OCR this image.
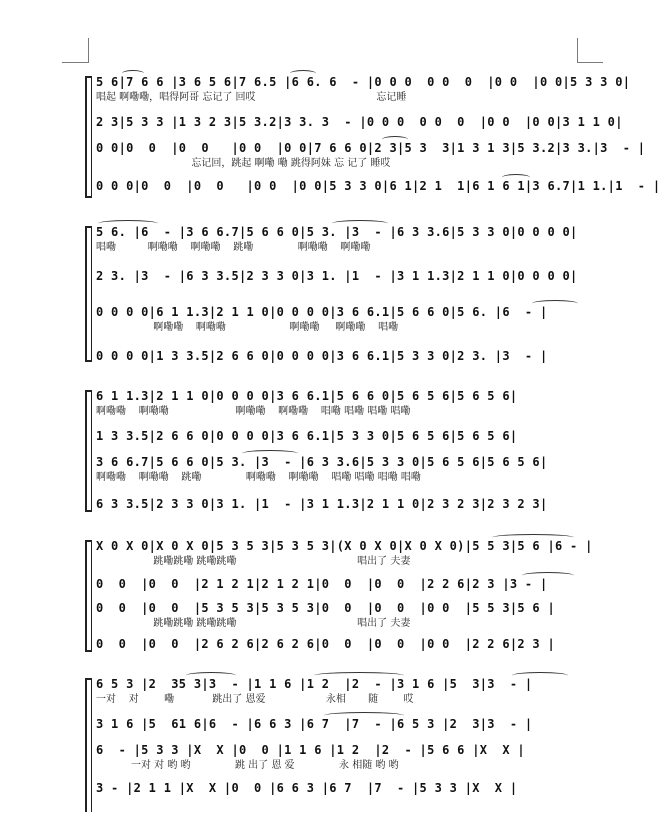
5 6|7 6 6 |3 6 5 6|7 6.5 |6 6. 6  - |0 0 0  0 0  0  |0 0  |0 0|5 3 3 0|
唱起 啊嘞嘞，唱得阿哥 忘记了 回哎                                      忘记睡
2 3|5 3 3 |1 3 2 3|5 3.2|3 3. 3  - |0 0 0  0 0  0  |0 0  |0 0|3 1 1 0|
0 0|0  0  |0  0   |0 0  |0 0|7 6 6 0|2 3|5 3  3|1 3 1 3|5 3.2|3 3.|3  - |
忘记回，跳起 啊嘞 嘞 跳得阿妹 忘 记了 睡哎
0 0 0|0  0  |0  0   |0 0  |0 0|5 3 3 0|6 1|2 1  1|6 1 6 1|3 6.7|1 1.|1  - |
5 6. |6  - |3 6 6.7|5 6 6 0|5 3. |3  - |6 3 3.6|5 3 3 0|0 0 0 0|
唱嘞          啊嘞嘞    啊嘞嘞    跳嘞              啊嘞嘞    啊嘞嘞
2 3. |3  - |6 3 3.5|2 3 3 0|3 1. |1  - |3 1 1.3|2 1 1 0|0 0 0 0|
0 0 0 0|6 1 1.3|2 1 1 0|0 0 0 0|3 6 6.1|5 6 6 0|5 6. |6  - |
啊嘞嘞    啊嘞嘞                    啊嘞嘞     啊嘞嘞    唱嘞
0 0 0 0|1 3 3.5|2 6 6 0|0 0 0 0|3 6 6.1|5 3 3 0|2 3. |3  - |
6 1 1.3|2 1 1 0|0 0 0 0|3 6 6.1|5 6 6 0|5 6 5 6|5 6 5 6|
啊嘞嘞    啊嘞嘞                     啊嘞嘞    啊嘞嘞    唱嘞 唱嘞 唱嘞 唱嘞
1 3 3.5|2 6 6 0|0 0 0 0|3 6 6.1|5 3 3 0|5 6 5 6|5 6 5 6|
3 6 6.7|5 6 6 0|5 3. |3  - |6 3 3.6|5 3 3 0|5 6 5 6|5 6 5 6|
啊嘞嘞    啊嘞嘞    跳嘞              啊嘞嘞    啊嘞嘞    唱嘞 唱嘞 唱嘞 唱嘞
6 3 3.5|2 3 3 0|3 1. |1  - |3 1 1.3|2 1 1 0|2 3 2 3|2 3 2 3|
X 0 X 0|X 0 X 0|5 3 5 3|5 3 5 3|(X 0 X 0|X 0 X 0)|5 5 3|5 6 |6 - |
跳嘞跳嘞 跳嘞跳嘞                                      唱出了 夫妻
0  0  |0  0  |2 1 2 1|2 1 2 1|0  0  |0  0  |2 2 6|2 3 |3 - |
0  0  |0  0  |5 3 5 3|5 3 5 3|0  0  |0  0  |0 0  |5 5 3|5 6 |
跳嘞跳嘞 跳嘞跳嘞                                      唱出了 夫妻
0  0  |0  0  |2 6 2 6|2 6 2 6|0  0  |0  0  |0 0  |2 2 6|2 3 |
6 5 3 |2  35 3|3  - |1 1 6 |1 2  |2  - |3 1 6 |5  3|3  - |
一对    对        嘞            跳出了 恩爱                   永相       随        哎
3 1 6 |5  61 6|6  - |6 6 3 |6 7  |7  - |6 5 3 |2  3|3  - |
6  - |5 3 3 |X  X |0  0 |1 1 6 |1 2  |2  - |5 6 6 |X  X |
一对 对 哟 哟              跳 出了 恩 爱              永 相随 哟 哟
3 - |2 1 1 |X  X |0  0 |6 6 3 |6 7  |7  - |5 3 3 |X  X |
